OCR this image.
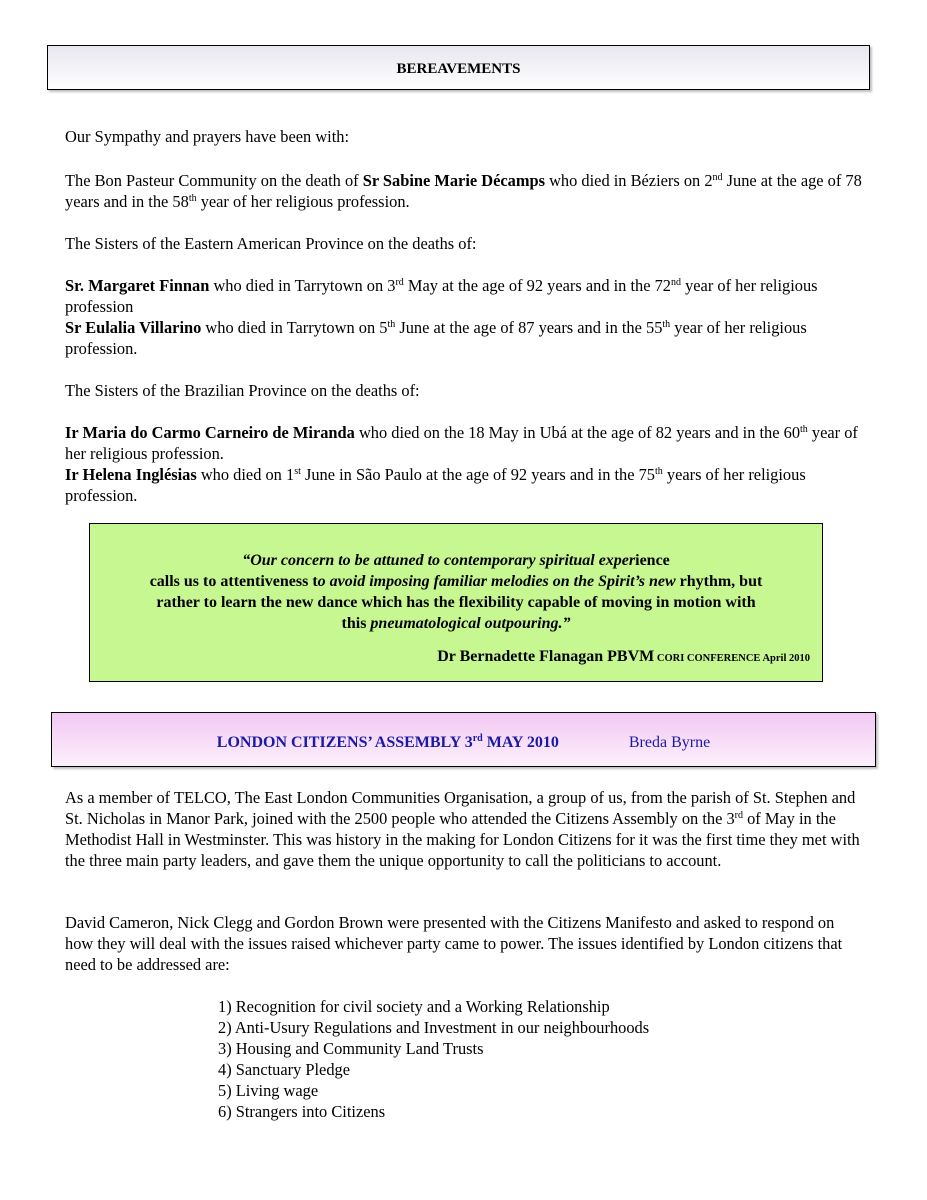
BEREAVEMENTS

Our Sympathy and prayers have been with:

The Bon Pasteur Community on the death of Sr Sabine Marie Décamps who died in Béziers on 2nd June at the age of 78 years and in the 58th year of her religious profession.

The Sisters of the Eastern American Province on the deaths of:

Sr. Margaret Finnan who died in Tarrytown on 3rd May at the age of 92 years and in the 72nd year of her religious profession

Sr Eulalia Villarino who died in Tarrytown on 5th June at the age of 87 years and in the 55th year of her religious profession.

The Sisters of the Brazilian Province on the deaths of:

Ir Maria do Carmo Carneiro de Miranda who died on the 18 May in Ubá at the age of 82 years and in the 60th year of her religious profession.

Ir Helena Inglésias who died on 1st June in São Paulo at the age of 92 years and in the 75th years of her religious profession.

“Our concern to be attuned to contemporary spiritual experience
calls us to attentiveness to avoid imposing familiar melodies on the Spirit’s new rhythm, but
rather to learn the new dance which has the flexibility capable of moving in motion with
this pneumatological outpouring.”
Dr Bernadette Flanagan PBVM CORI CONFERENCE April 2010
LONDON CITIZENS’ ASSEMBLY 3rd MAY 2010	Breda Byrne

As a member of TELCO, The East London Communities Organisation, a group of us, from the parish of St. Stephen and St. Nicholas in Manor Park, joined with the 2500 people who attended the Citizens Assembly on the 3rd of May in the Methodist Hall in Westminster. This was history in the making for London Citizens for it was the first time they met with the three main party leaders, and gave them the unique opportunity to call the politicians to account.

David Cameron, Nick Clegg and Gordon Brown were presented with the Citizens Manifesto and asked to respond on how they will deal with the issues raised whichever party came to power. The issues identified by London citizens that need to be addressed are:

1) Recognition for civil society and a Working Relationship
2) Anti-Usury Regulations and Investment in our neighbourhoods
3) Housing and Community Land Trusts
4) Sanctuary Pledge
5) Living wage
6) Strangers into Citizens
